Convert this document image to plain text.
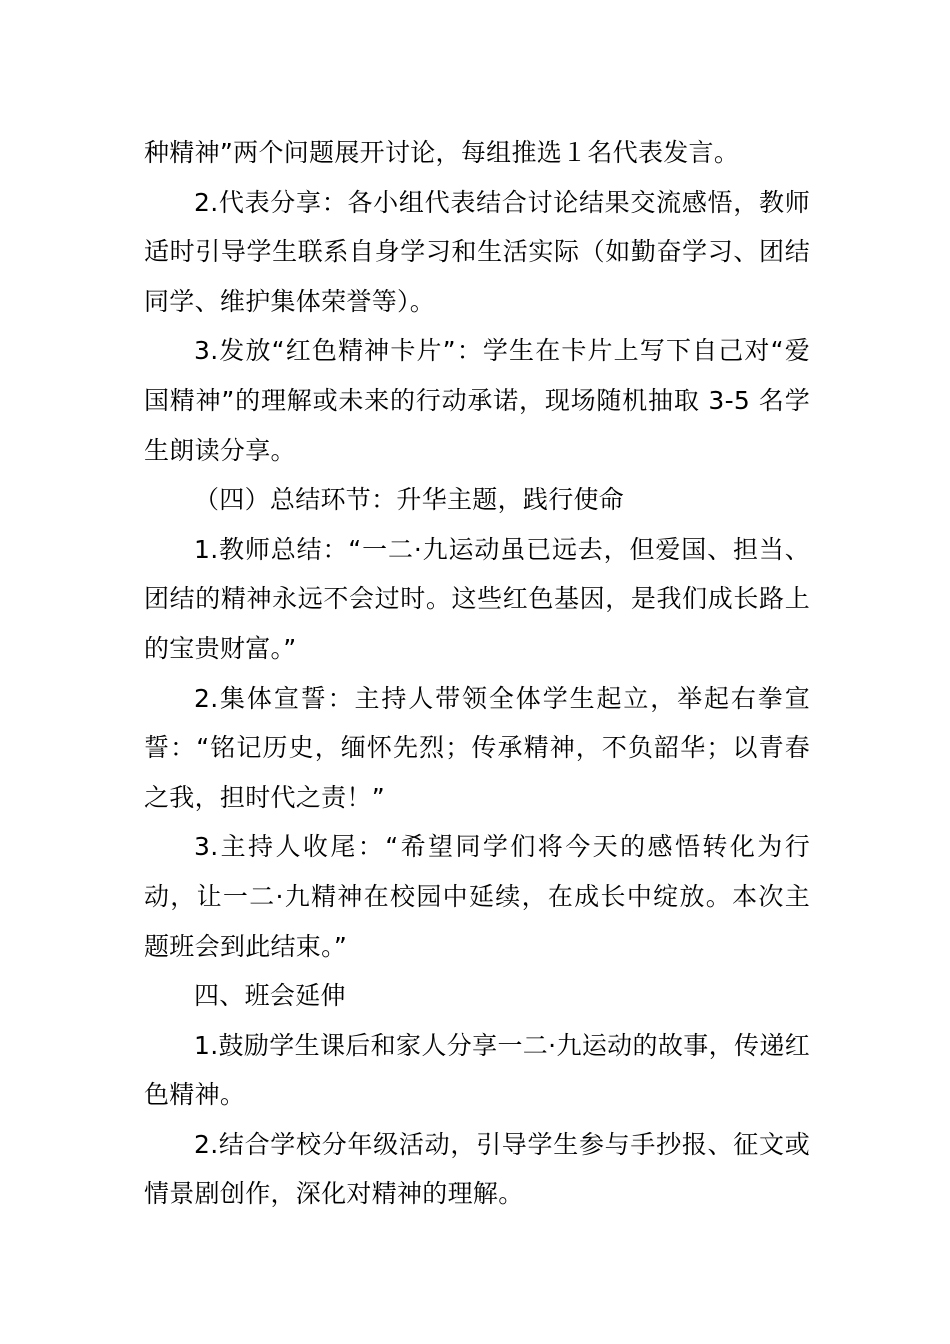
种精神”两个问题展开讨论，每组推选１名代表发言。

2.代表分享：各小组代表结合讨论结果交流感悟，教师适时引导学生联系自身学习和生活实际（如勤奋学习、团结同学、维护集体荣誉等）。

3.发放“红色精神卡片”：学生在卡片上写下自己对“爱国精神”的理解或未来的行动承诺，现场随机抽取 3-5 名学生朗读分享。

（四）总结环节：升华主题，践行使命

1.教师总结：“一二·九运动虽已远去，但爱国、担当、团结的精神永远不会过时。这些红色基因，是我们成长路上的宝贵财富。”

2.集体宣誓：主持人带领全体学生起立，举起右拳宣誓：“铭记历史，缅怀先烈；传承精神，不负韶华；以青春之我，担时代之责！”

3.主持人收尾：“希望同学们将今天的感悟转化为行动，让一二·九精神在校园中延续，在成长中绽放。本次主题班会到此结束。”

四、班会延伸

1.鼓励学生课后和家人分享一二·九运动的故事，传递红色精神。

2.结合学校分年级活动，引导学生参与手抄报、征文或情景剧创作，深化对精神的理解。
